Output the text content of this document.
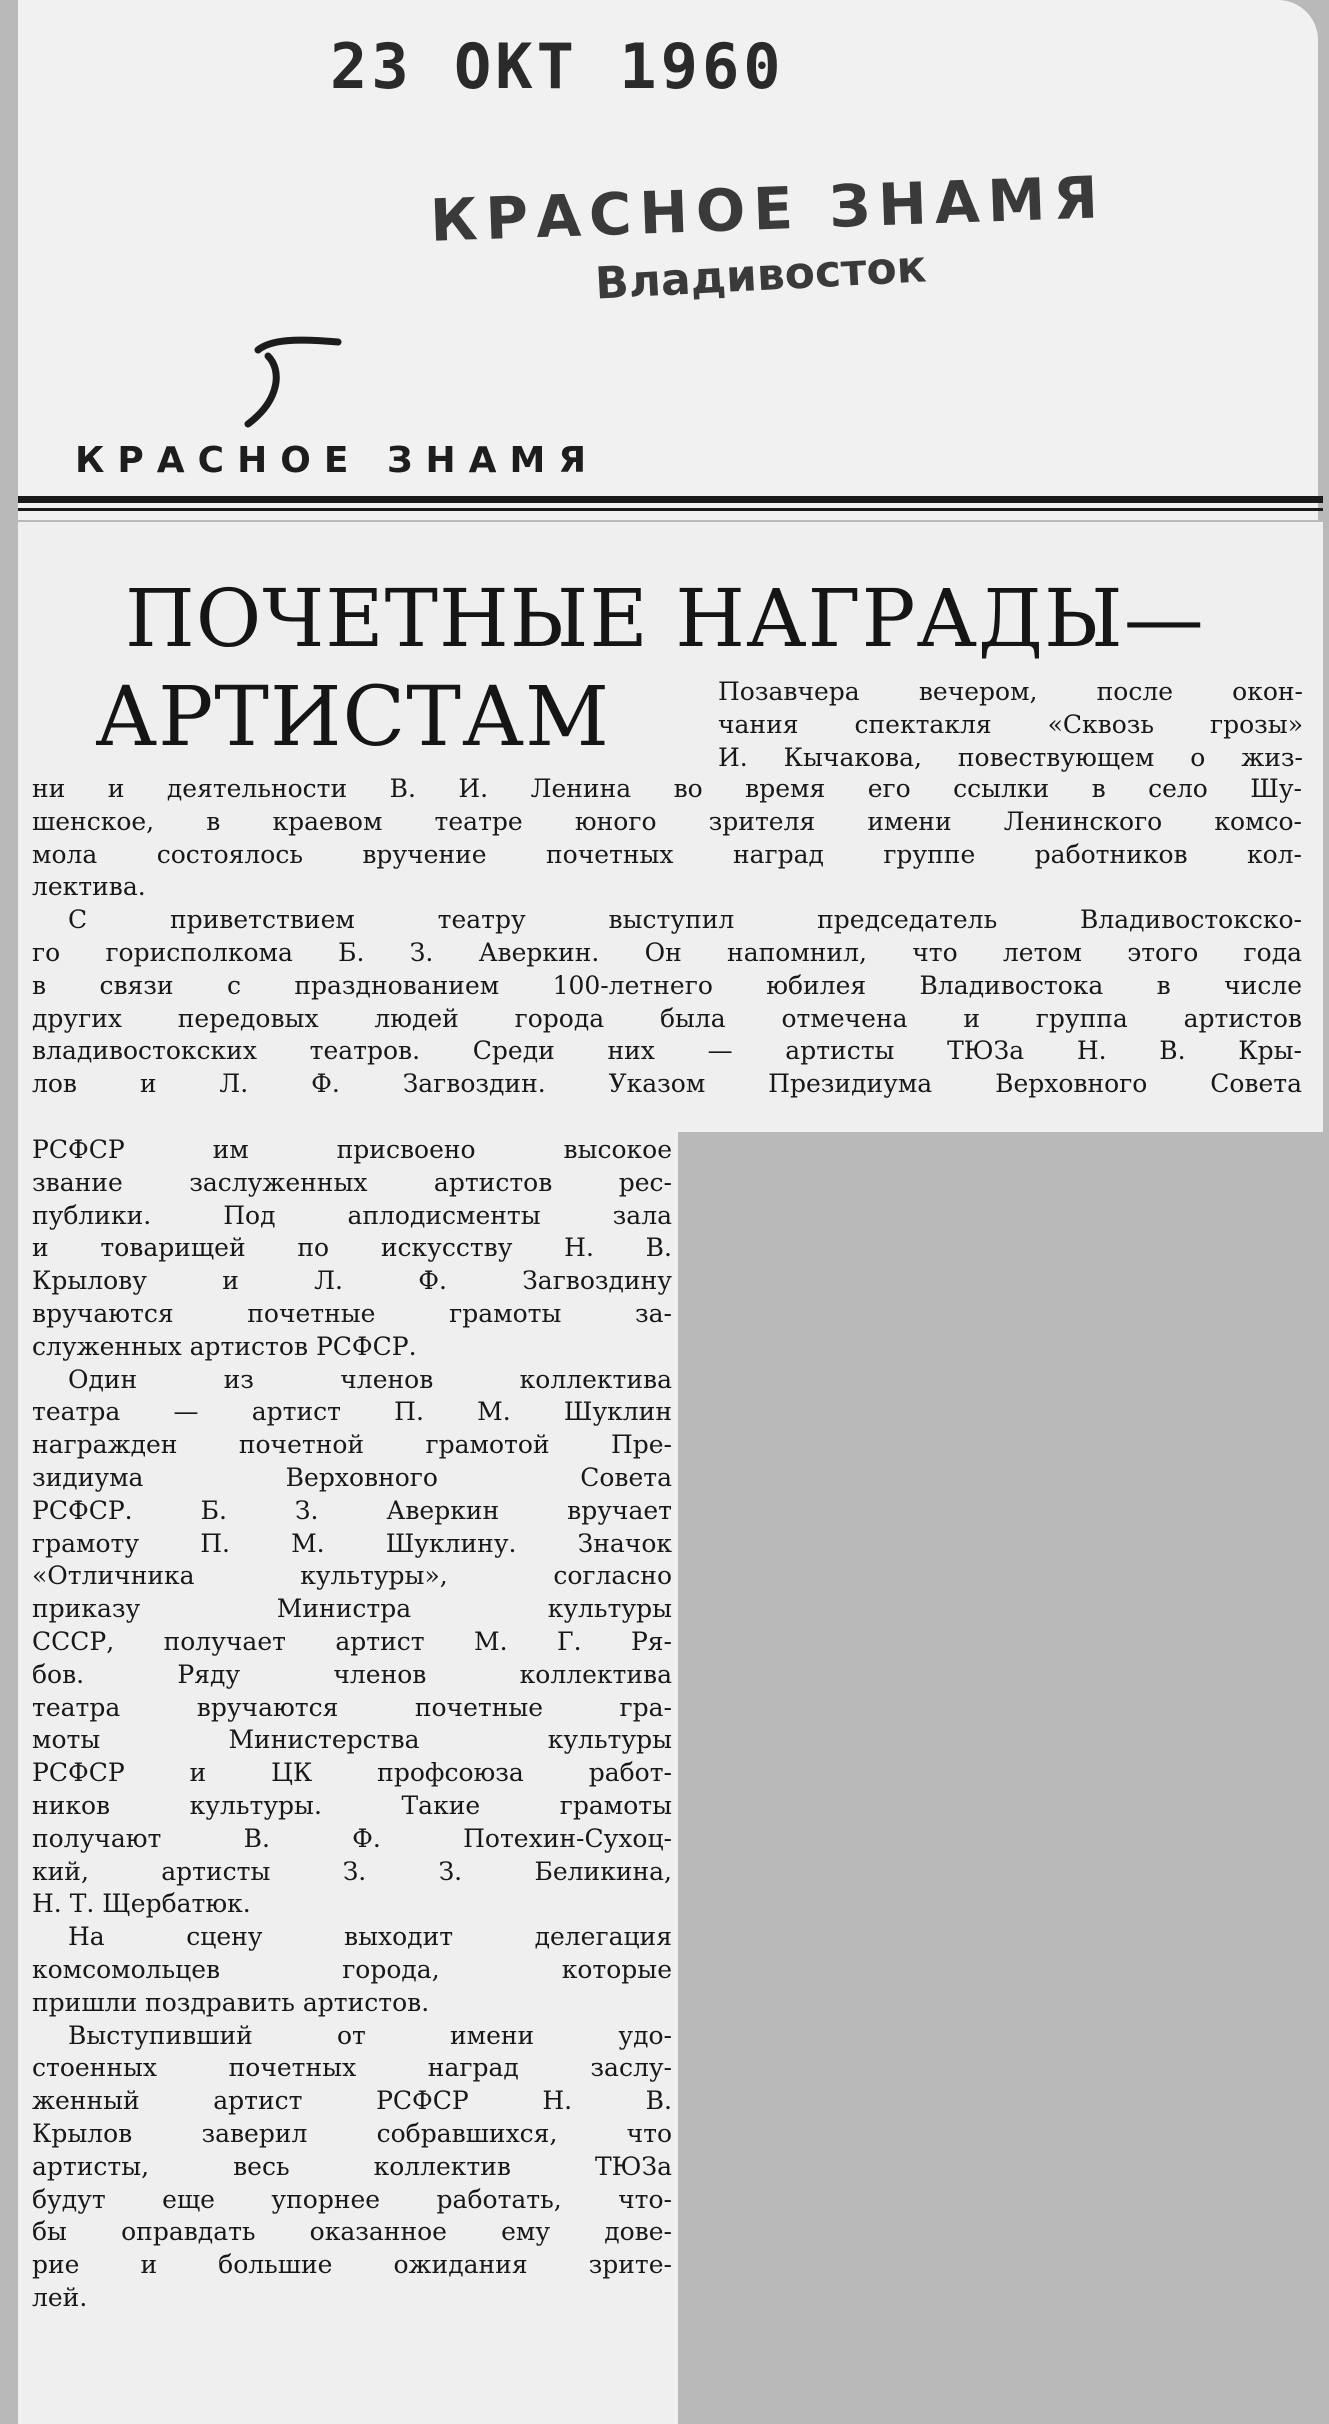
23 ОКТ 1960
КРАСНОЕ ЗНАМЯ
Владивосток
КРАСНОЕ ЗНАМЯ
ПОЧЕТНЫЕ НАГРАДЫ—
АРТИСТАМ	Позавчера вечером, после окон-
чания спектакля «Сквозь грозы»
И. Кычакова, повествующем о жиз-
ни и деятельности В. И. Ленина во время его ссылки в село Шу-
шенское, в краевом театре юного зрителя имени Ленинского комсо-
мола состоялось вручение почетных наград группе работников кол-
лектива.
С приветствием театру выступил председатель Владивостокско-
го горисполкома Б. З. Аверкин. Он напомнил, что летом этого года
в связи с празднованием 100-летнего юбилея Владивостока в числе
других передовых людей города была отмечена и группа артистов
владивостокских театров. Среди них — артисты ТЮЗа Н. В. Кры-
лов и Л. Ф. Загвоздин. Указом Президиума Верховного Совета
РСФСР им присвоено высокое
звание заслуженных артистов рес-
публики. Под аплодисменты зала
и товарищей по искусству Н. В.
Крылову и Л. Ф. Загвоздину
вручаются почетные грамоты за-
служенных артистов РСФСР.
Один из членов коллектива
театра — артист П. М. Шуклин
награжден почетной грамотой Пре-
зидиума Верховного Совета
РСФСР. Б. З. Аверкин вручает
грамоту П. М. Шуклину. Значок
«Отличника культуры», согласно
приказу Министра культуры
СССР, получает артист М. Г. Ря-
бов. Ряду членов коллектива
театра вручаются почетные гра-
моты Министерства культуры
РСФСР и ЦК профсоюза работ-
ников культуры. Такие грамоты
получают В. Ф. Потехин-Сухоц-
кий, артисты З. З. Беликина,
Н. Т. Щербатюк.
На сцену выходит делегация
комсомольцев города, которые
пришли поздравить артистов.
Выступивший от имени удо-
стоенных почетных наград заслу-
женный артист РСФСР Н. В.
Крылов заверил собравшихся, что
артисты, весь коллектив ТЮЗа
будут еще упорнее работать, что-
бы оправдать оказанное ему дове-
рие и большие ожидания зрите-
лей.
